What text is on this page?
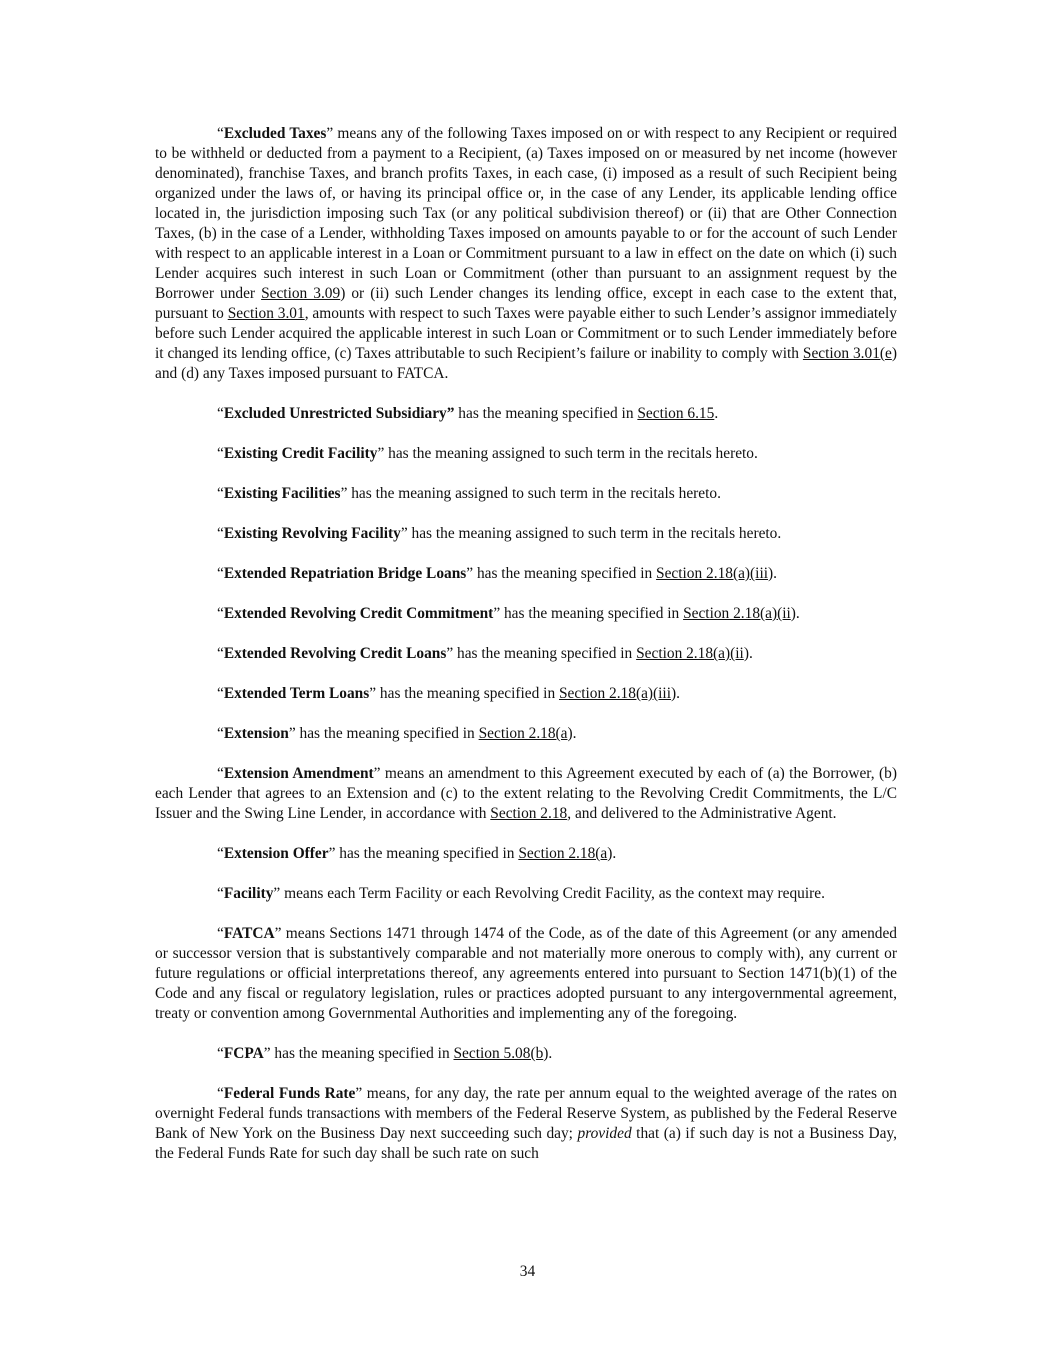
“Excluded Taxes” means any of the following Taxes imposed on or with respect to any Recipient or required to be withheld or deducted from a payment to a Recipient, (a) Taxes imposed on or measured by net income (however denominated), franchise Taxes, and branch profits Taxes, in each case, (i) imposed as a result of such Recipient being organized under the laws of, or having its principal office or, in the case of any Lender, its applicable lending office located in, the jurisdiction imposing such Tax (or any political subdivision thereof) or (ii) that are Other Connection Taxes, (b) in the case of a Lender, withholding Taxes imposed on amounts payable to or for the account of such Lender with respect to an applicable interest in a Loan or Commitment pursuant to a law in effect on the date on which (i) such Lender acquires such interest in such Loan or Commitment (other than pursuant to an assignment request by the Borrower under Section 3.09) or (ii) such Lender changes its lending office, except in each case to the extent that, pursuant to Section 3.01, amounts with respect to such Taxes were payable either to such Lender’s assignor immediately before such Lender acquired the applicable interest in such Loan or Commitment or to such Lender immediately before it changed its lending office, (c) Taxes attributable to such Recipient’s failure or inability to comply with Section 3.01(e) and (d) any Taxes imposed pursuant to FATCA.

“Excluded Unrestricted Subsidiary” has the meaning specified in Section 6.15.

“Existing Credit Facility” has the meaning assigned to such term in the recitals hereto.

“Existing Facilities” has the meaning assigned to such term in the recitals hereto.

“Existing Revolving Facility” has the meaning assigned to such term in the recitals hereto.

“Extended Repatriation Bridge Loans” has the meaning specified in Section 2.18(a)(iii).

“Extended Revolving Credit Commitment” has the meaning specified in Section 2.18(a)(ii).

“Extended Revolving Credit Loans” has the meaning specified in Section 2.18(a)(ii).

“Extended Term Loans” has the meaning specified in Section 2.18(a)(iii).

“Extension” has the meaning specified in Section 2.18(a).

“Extension Amendment” means an amendment to this Agreement executed by each of (a) the Borrower, (b) each Lender that agrees to an Extension and (c) to the extent relating to the Revolving Credit Commitments, the L/C Issuer and the Swing Line Lender, in accordance with Section 2.18, and delivered to the Administrative Agent.

“Extension Offer” has the meaning specified in Section 2.18(a).

“Facility” means each Term Facility or each Revolving Credit Facility, as the context may require.

“FATCA” means Sections 1471 through 1474 of the Code, as of the date of this Agreement (or any amended or successor version that is substantively comparable and not materially more onerous to comply with), any current or future regulations or official interpretations thereof, any agreements entered into pursuant to Section 1471(b)(1) of the Code and any fiscal or regulatory legislation, rules or practices adopted pursuant to any intergovernmental agreement, treaty or convention among Governmental Authorities and implementing any of the foregoing.

“FCPA” has the meaning specified in Section 5.08(b).

“Federal Funds Rate” means, for any day, the rate per annum equal to the weighted average of the rates on overnight Federal funds transactions with members of the Federal Reserve System, as published by the Federal Reserve Bank of New York on the Business Day next succeeding such day; provided that (a) if such day is not a Business Day, the Federal Funds Rate for such day shall be such rate on such

34
